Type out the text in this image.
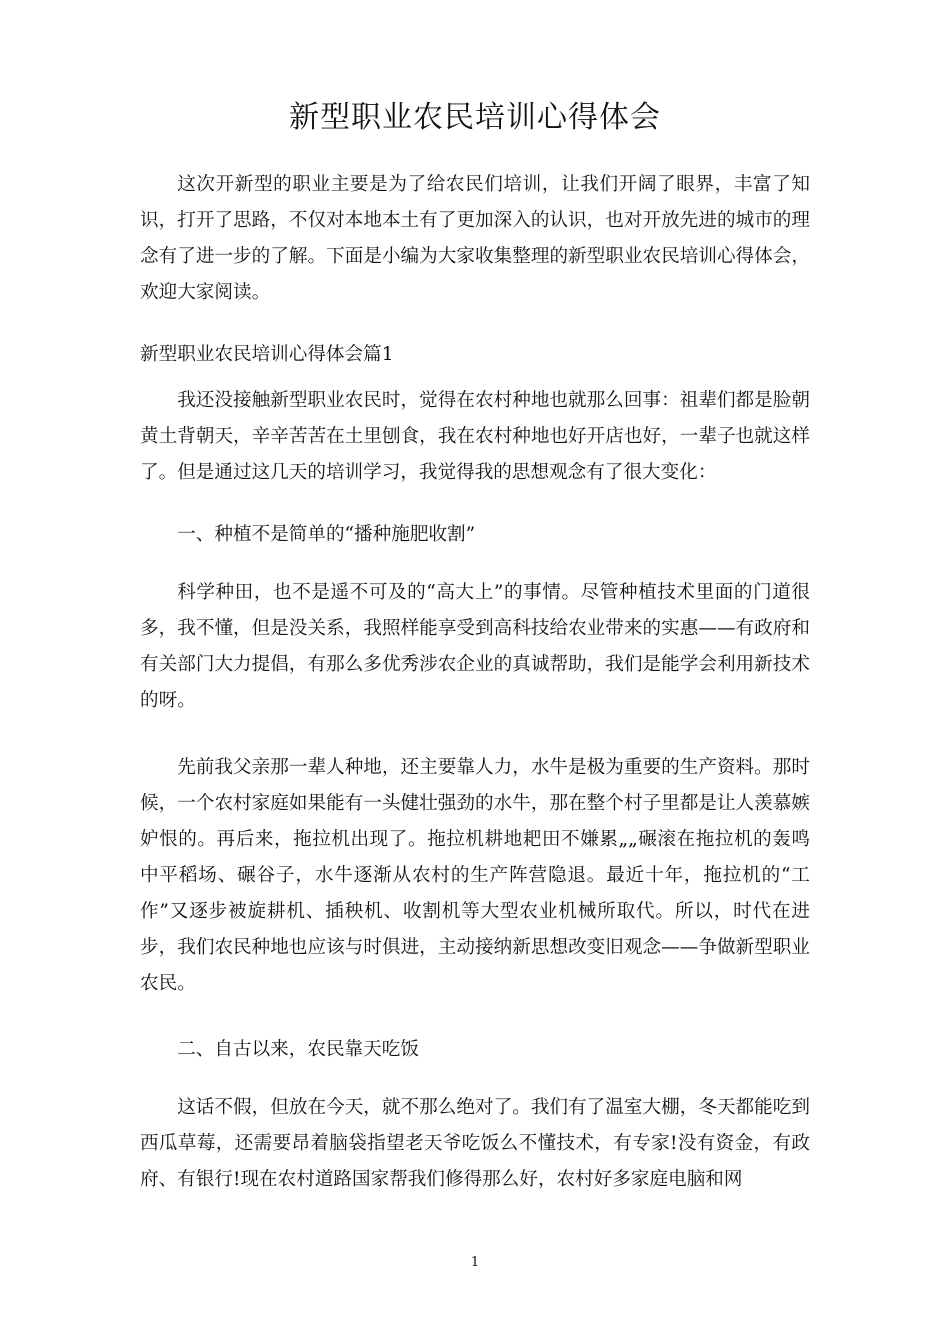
新型职业农民培训心得体会

这次开新型的职业主要是为了给农民们培训，让我们开阔了眼界，丰富了知识，打开了思路，不仅对本地本土有了更加深入的认识，也对开放先进的城市的理念有了进一步的了解。下面是小编为大家收集整理的新型职业农民培训心得体会，欢迎大家阅读。

新型职业农民培训心得体会篇1

我还没接触新型职业农民时，觉得在农村种地也就那么回事：祖辈们都是脸朝黄土背朝天，辛辛苦苦在土里刨食，我在农村种地也好开店也好，一辈子也就这样了。但是通过这几天的培训学习，我觉得我的思想观念有了很大变化：

一、种植不是简单的“播种施肥收割”

科学种田，也不是遥不可及的“高大上”的事情。尽管种植技术里面的门道很多，我不懂，但是没关系，我照样能享受到高科技给农业带来的实惠——有政府和有关部门大力提倡，有那么多优秀涉农企业的真诚帮助，我们是能学会利用新技术的呀。

先前我父亲那一辈人种地，还主要靠人力，水牛是极为重要的生产资料。那时候，一个农村家庭如果能有一头健壮强劲的水牛，那在整个村子里都是让人羡慕嫉妒恨的。再后来，拖拉机出现了。拖拉机耕地耙田不嫌累„„碾滚在拖拉机的轰鸣中平稻场、碾谷子，水牛逐渐从农村的生产阵营隐退。最近十年，拖拉机的“工作”又逐步被旋耕机、插秧机、收割机等大型农业机械所取代。所以，时代在进步，我们农民种地也应该与时俱进，主动接纳新思想改变旧观念——争做新型职业农民。

二、自古以来，农民靠天吃饭

这话不假，但放在今天，就不那么绝对了。我们有了温室大棚，冬天都能吃到西瓜草莓，还需要昂着脑袋指望老天爷吃饭么不懂技术，有专家!没有资金，有政府、有银行!现在农村道路国家帮我们修得那么好，农村好多家庭电脑和网

1
